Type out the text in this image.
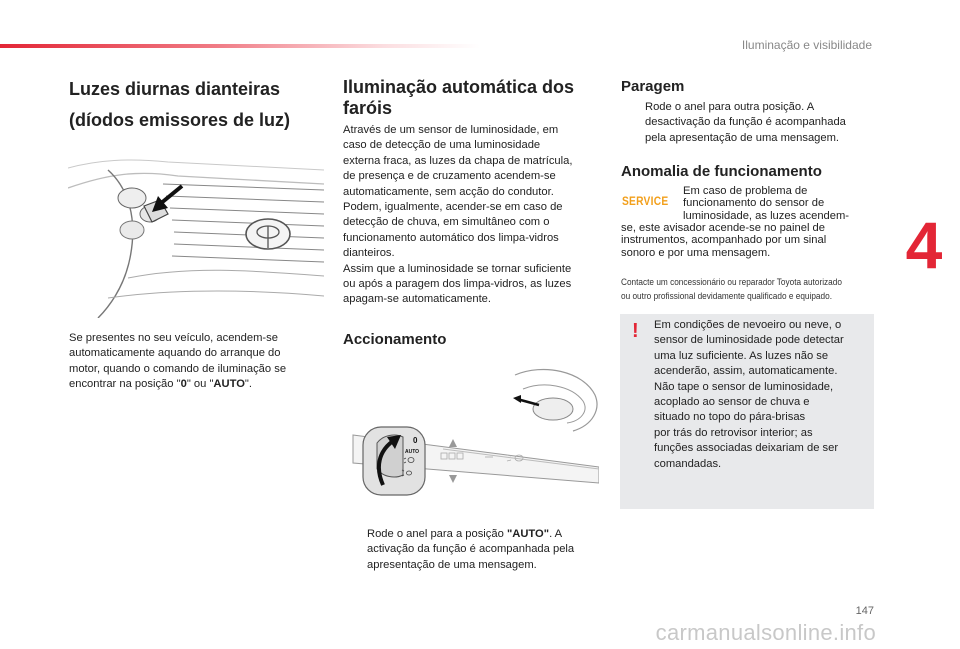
Iluminação e visibilidade
4
Luzes diurnas dianteiras
(díodos emissores de luz)
Se presentes no seu veículo, acendem-se
automaticamente aquando do arranque do
motor, quando o comando de iluminação se
encontrar na posição "0" ou "AUTO".
Iluminação automática dos
faróis
Através de um sensor de luminosidade, em
caso de detecção de uma luminosidade
externa fraca, as luzes da chapa de matrícula,
de presença e de cruzamento acendem-se
automaticamente, sem acção do condutor.
Podem, igualmente, acender-se em caso de
detecção de chuva, em simultâneo com o
funcionamento automático dos limpa-vidros
dianteiros.
Assim que a luminosidade se tornar suficiente
ou após a paragem dos limpa-vidros, as luzes
apagam-se automaticamente.
Accionamento
0
AUTO
Rode o anel para a posição "AUTO". A
activação da função é acompanhada pela
apresentação de uma mensagem.
Paragem
Rode o anel para outra posição. A
desactivação da função é acompanhada
pela apresentação de uma mensagem.
Anomalia de funcionamento
SERVICE
Em caso de problema de
funcionamento do sensor de
luminosidade, as luzes acendem-
se, este avisador acende-se no painel de
instrumentos, acompanhado por um sinal
sonoro e por uma mensagem.
Contacte um concessionário ou reparador Toyota autorizado
ou outro profissional devidamente qualificado e equipado.
! Em condições de nevoeiro ou neve, o
sensor de luminosidade pode detectar
uma luz suficiente. As luzes não se
acenderão, assim, automaticamente.
Não tape o sensor de luminosidade,
acoplado ao sensor de chuva e
situado no topo do pára-brisas
por trás do retrovisor interior; as
funções associadas deixariam de ser
comandadas.
147
carmanualsonline.info
